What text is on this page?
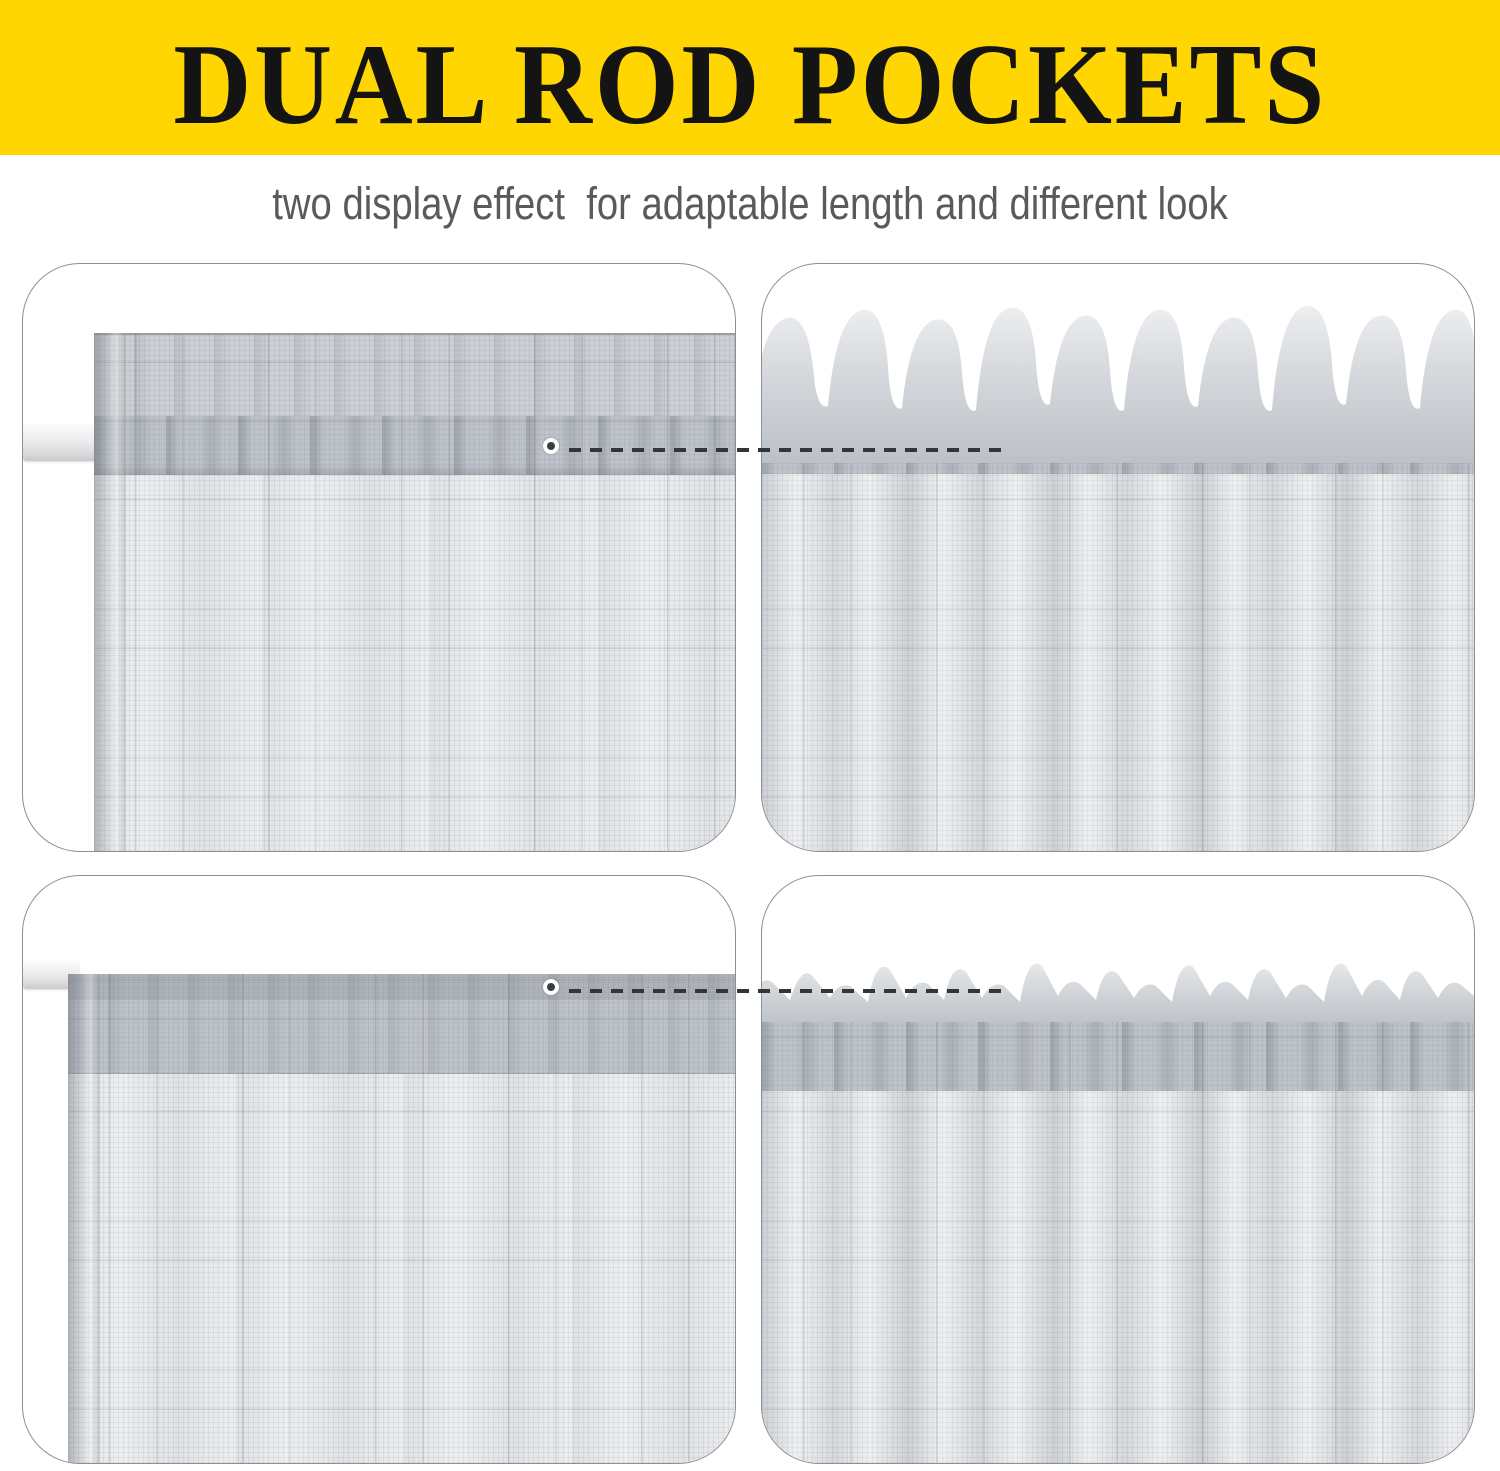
DUAL ROD POCKETS
two display effect  for adaptable length and different look
